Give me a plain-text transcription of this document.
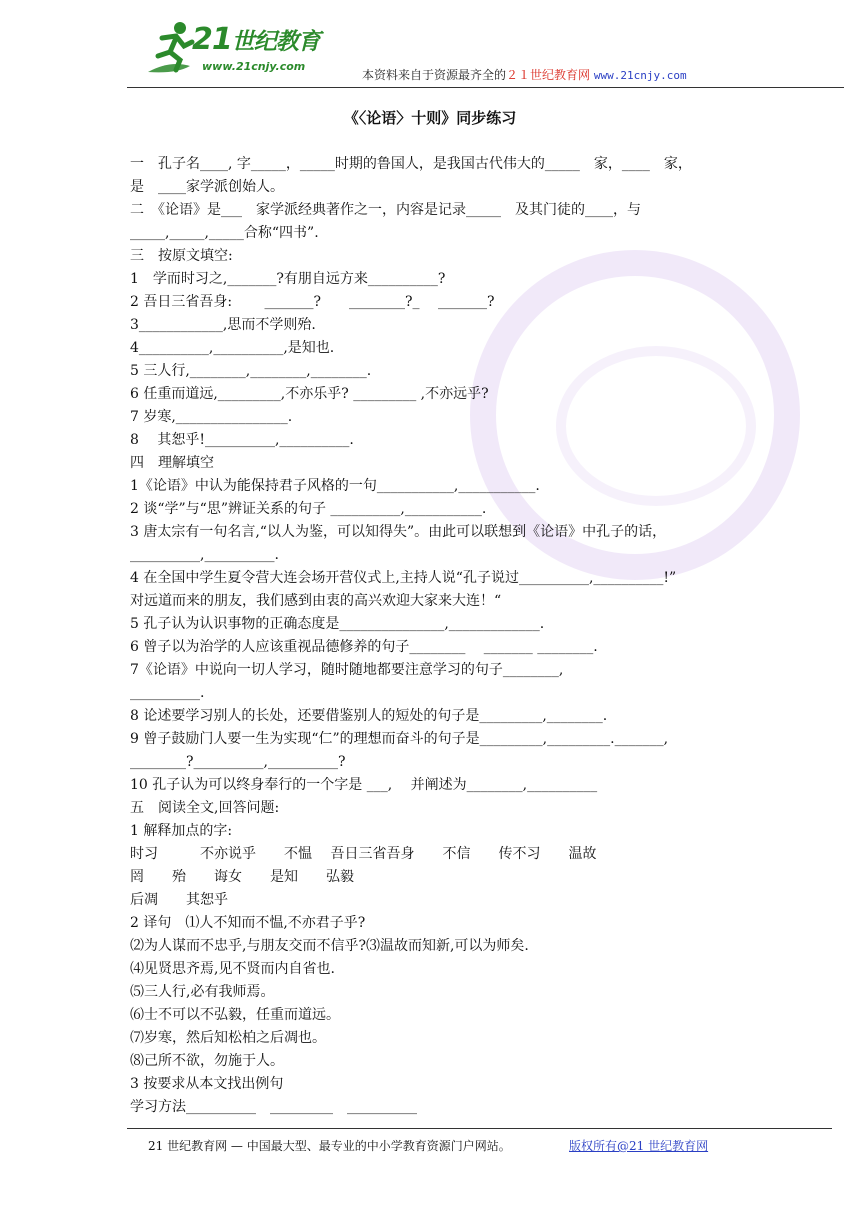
21世纪教育
www.21cnjy.com
本资料来自于资源最齐全的２１世纪教育网 www.21cnjy.com
《〈论语〉十则》同步练习
一　孔子名____, 字_____，_____时期的鲁国人，是我国古代伟大的_____　家，____　家，
是　____家学派创始人。
二　《论语》是___　家学派经典著作之一，内容是记录_____　及其门徒的____，与
_____,_____,_____合称“四书”.
三　按原文填空:
1　学而时习之,_______?有朋自远方来__________?
2 吾日三省吾身:　　 _______?　　________?_　 _______?
3____________,思而不学则殆.
4__________,__________,是知也.
5 三人行,________,________,________.
6 任重而道远,_________,不亦乐乎? _________ ,不亦远乎?
7 岁寒,________________.
8　 其恕乎!__________,__________.
四　理解填空
1《论语》中认为能保持君子风格的一句___________,___________.
2 谈“学”与“思”辨证关系的句子 __________,___________.
3 唐太宗有一句名言,“以人为鉴，可以知得失”。由此可以联想到《论语》中孔子的话，
__________,__________.
4 在全国中学生夏令营大连会场开营仪式上,主持人说“孔子说过__________,__________!”
对远道而来的朋友，我们感到由衷的高兴欢迎大家来大连！“
5 孔子认为认识事物的正确态度是_______________,_____________.
6 曾子以为治学的人应该重视品德修养的句子________　 _______ ________.
7《论语》中说向一切人学习，随时随地都要注意学习的句子________,
__________.
8 论述要学习别人的长处，还要借鉴别人的短处的句子是_________,________.
9 曾子鼓励门人要一生为实现“仁”的理想而奋斗的句子是_________,_________._______,
________?__________,__________?
10 孔子认为可以终身奉行的一个字是 ___,　 并阐述为________,__________
五　阅读全文,回答问题:
1 解释加点的字:
时习　　　不亦说乎　　不愠　 吾日三省吾身　　不信　　传不习　　温故
罔　　殆　　诲女　　是知　　弘毅
后凋　　其恕乎
2 译句　⑴人不知而不愠,不亦君子乎?
⑵为人谋而不忠乎,与朋友交而不信乎?⑶温故而知新,可以为师矣.
⑷见贤思齐焉,见不贤而内自省也.
⑸三人行,必有我师焉。
⑹士不可以不弘毅，任重而道远。
⑺岁寒，然后知松柏之后凋也。
⑻己所不欲，勿施于人。
3 按要求从本文找出例句
学习方法__________　_________　__________
21 世纪教育网 — 中国最大型、最专业的中小学教育资源门户网站。	版权所有@21 世纪教育网
